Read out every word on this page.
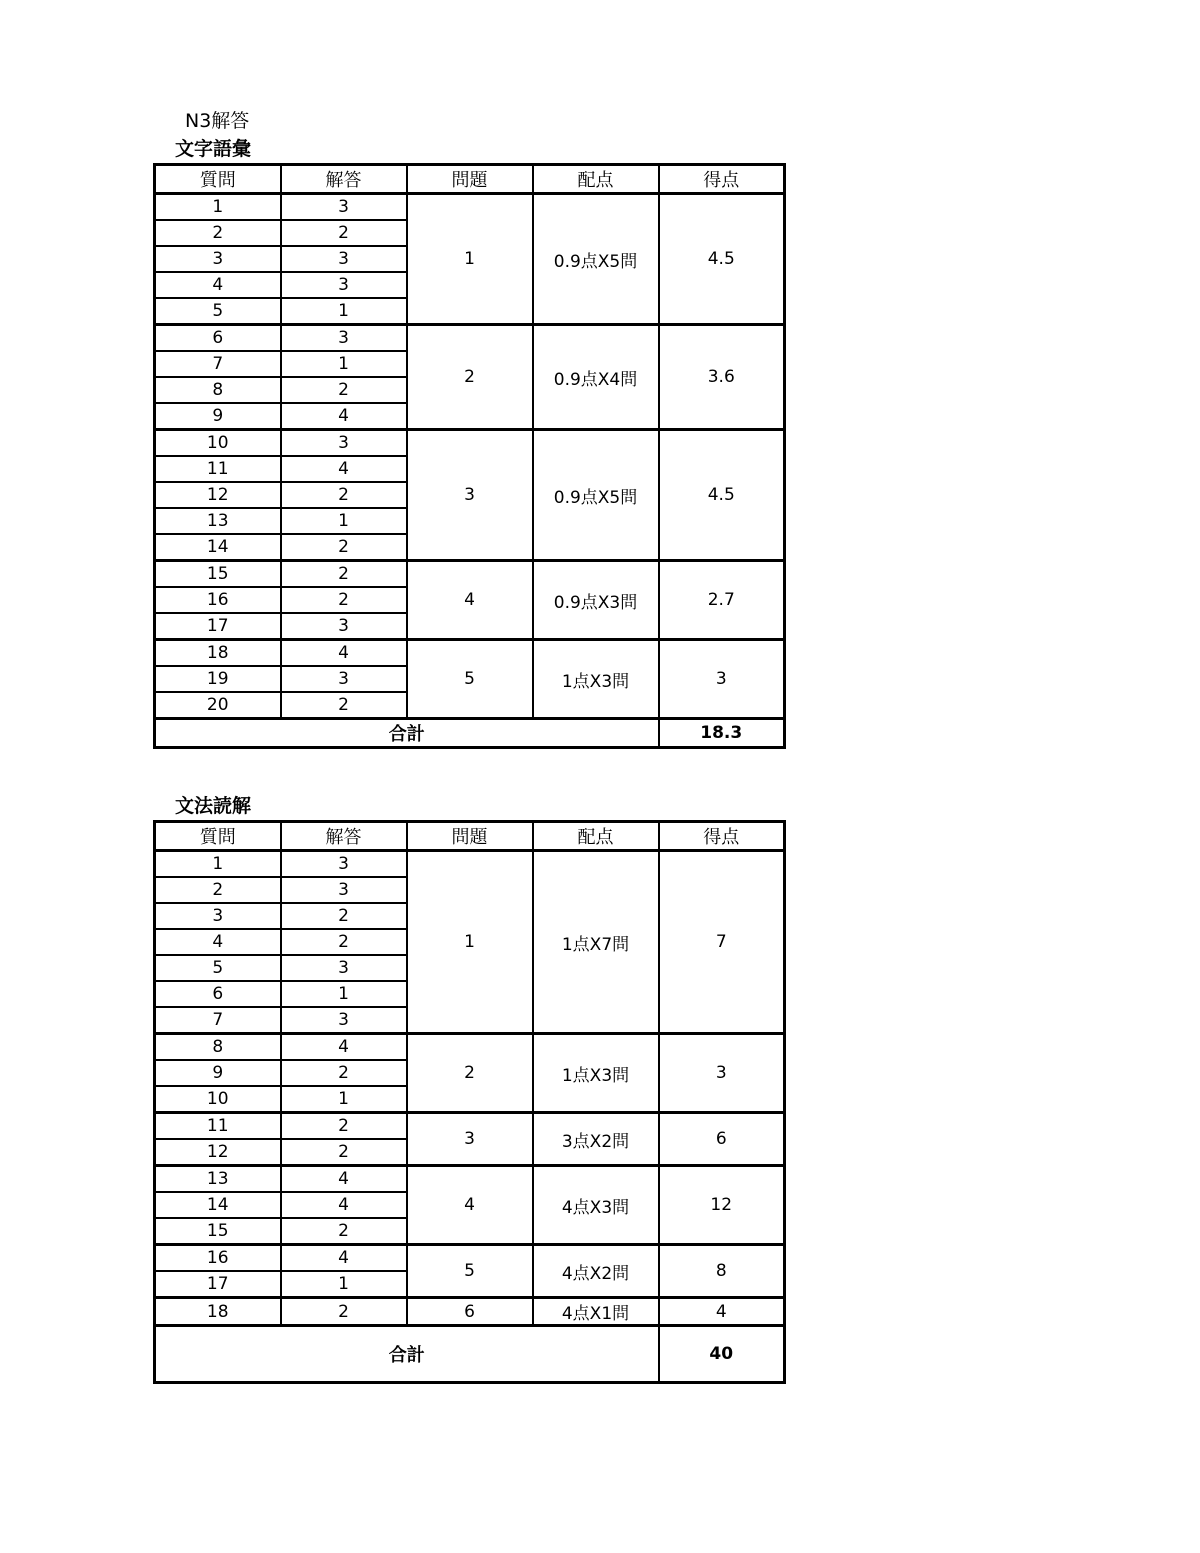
N3解答
文字語彙
質問	解答	問題	配点	得点
1	3	1	0.9点X5問	4.5
2	2			
3	3			
4	3			
5	1			
6	3	2	0.9点X4問	3.6
7	1			
8	2			
9	4			
10	3	3	0.9点X5問	4.5
11	4			
12	2			
13	1			
14	2			
15	2	4	0.9点X3問	2.7
16	2			
17	3			
18	4	5	1点X3問	3
19	3			
20	2			
合計				18.3
文法読解
質問	解答	問題	配点	得点
1	3	1	1点X7問	7
2	3			
3	2			
4	2			
5	3			
6	1			
7	3			
8	4	2	1点X3問	3
9	2			
10	1			
11	2	3	3点X2問	6
12	2			
13	4	4	4点X3問	12
14	4			
15	2			
16	4	5	4点X2問	8
17	1			
18	2	6	4点X1問	4
合計				40
